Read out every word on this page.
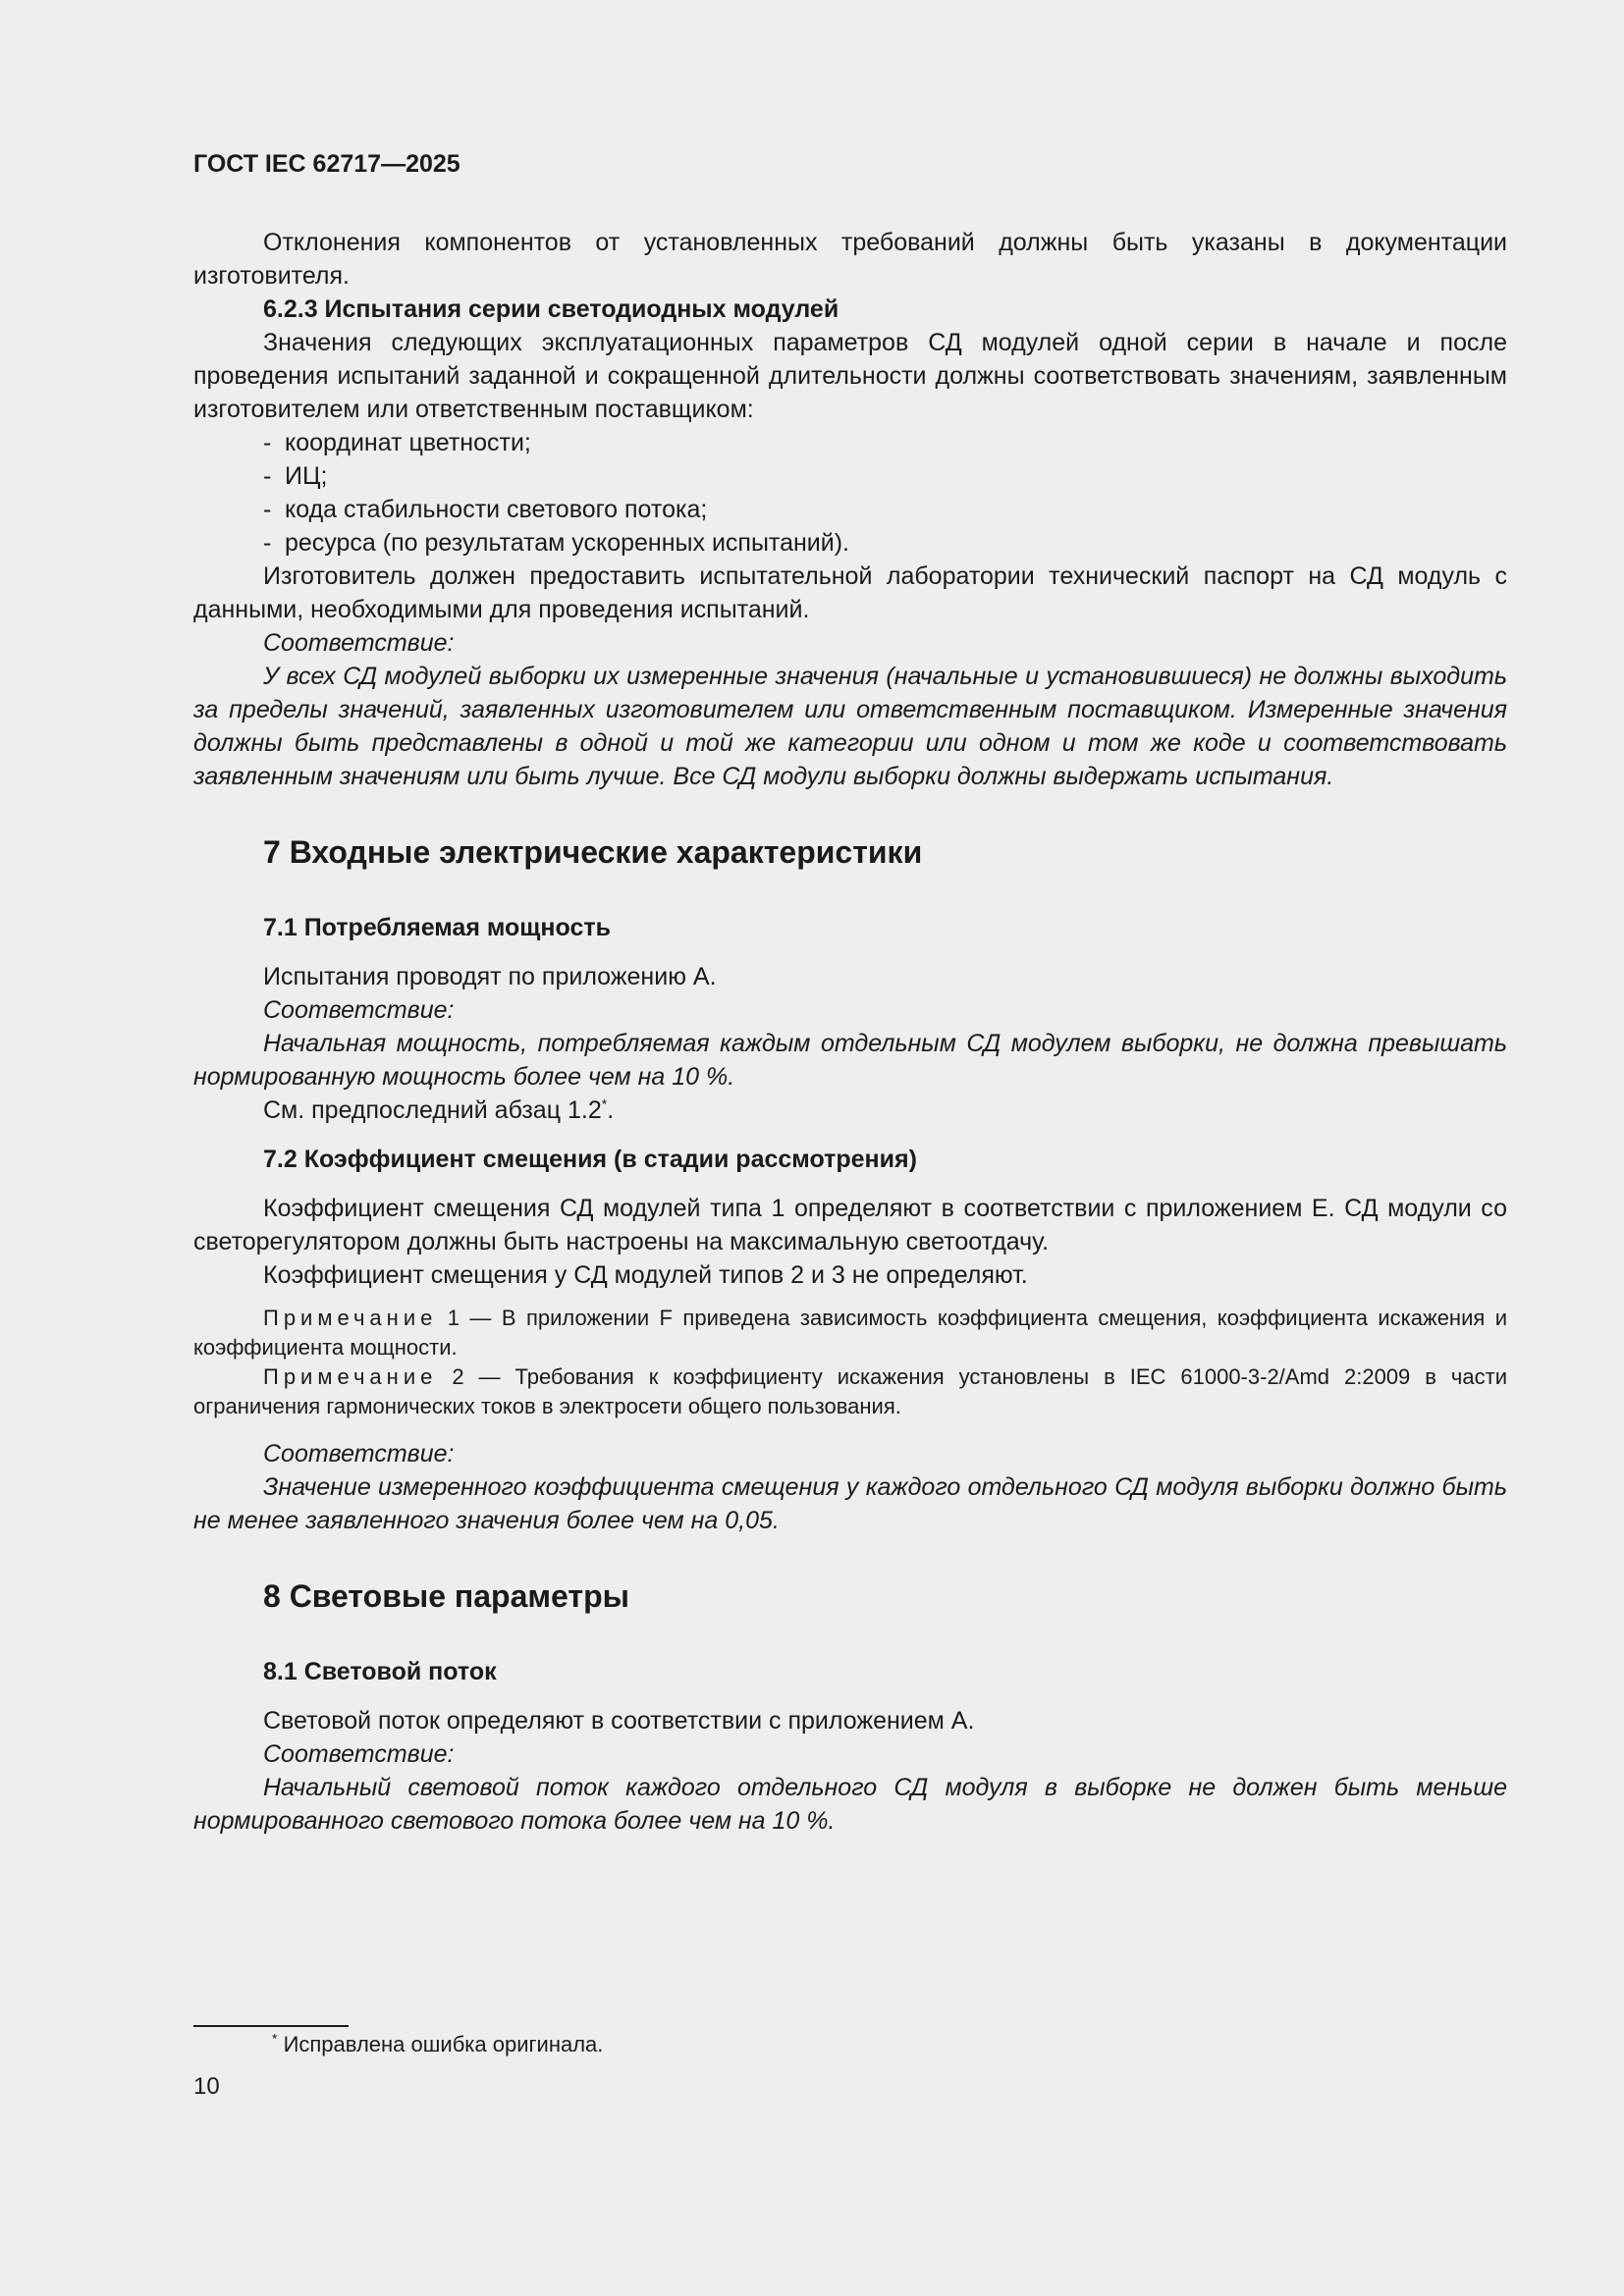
ГОСТ IEC 62717—2025

Отклонения компонентов от установленных требований должны быть указаны в документации изготовителя.

6.2.3 Испытания серии светодиодных модулей

Значения следующих эксплуатационных параметров СД модулей одной серии в начале и после проведения испытаний заданной и сокращенной длительности должны соответствовать значениям, заявленным изготовителем или ответственным поставщиком:

- координат цветности;
- ИЦ;
- кода стабильности светового потока;
- ресурса (по результатам ускоренных испытаний).

Изготовитель должен предоставить испытательной лаборатории технический паспорт на СД модуль с данными, необходимыми для проведения испытаний.

Соответствие:

У всех СД модулей выборки их измеренные значения (начальные и установившиеся) не должны выходить за пределы значений, заявленных изготовителем или ответственным поставщиком. Измеренные значения должны быть представлены в одной и той же категории или одном и том же коде и соответствовать заявленным значениям или быть лучше. Все СД модули выборки должны выдержать испытания.

7 Входные электрические характеристики

7.1 Потребляемая мощность

Испытания проводят по приложению А.

Соответствие:

Начальная мощность, потребляемая каждым отдельным СД модулем выборки, не должна превышать нормированную мощность более чем на 10 %.

См. предпоследний абзац 1.2*.

7.2 Коэффициент смещения (в стадии рассмотрения)

Коэффициент смещения СД модулей типа 1 определяют в соответствии с приложением Е. СД модули со светорегулятором должны быть настроены на максимальную светоотдачу.

Коэффициент смещения у СД модулей типов 2 и 3 не определяют.

Примечание 1 — В приложении F приведена зависимость коэффициента смещения, коэффициента искажения и коэффициента мощности.

Примечание 2 — Требования к коэффициенту искажения установлены в IEC 61000-3-2/Amd 2:2009 в части ограничения гармонических токов в электросети общего пользования.

Соответствие:

Значение измеренного коэффициента смещения у каждого отдельного СД модуля выборки должно быть не менее заявленного значения более чем на 0,05.

8 Световые параметры

8.1 Световой поток

Световой поток определяют в соответствии с приложением А.

Соответствие:

Начальный световой поток каждого отдельного СД модуля в выборке не должен быть меньше нормированного светового потока более чем на 10 %.

* Исправлена ошибка оригинала.
10
